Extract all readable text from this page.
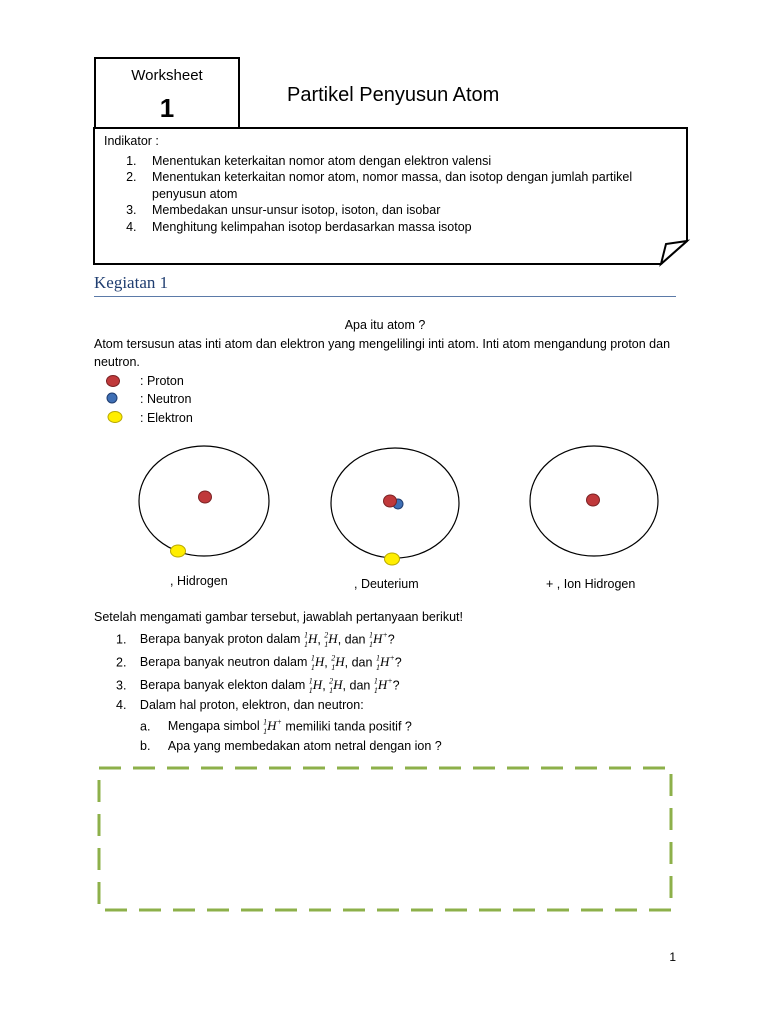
Worksheet
1	Partikel Penyusun Atom
Indikator :
1. Menentukan keterkaitan nomor atom dengan elektron valensi
2. Menentukan keterkaitan nomor atom, nomor massa, dan isotop dengan jumlah partikel penyusun atom
3. Membedakan unsur-unsur isotop, isoton, dan isobar
4. Menghitung kelimpahan isotop berdasarkan massa isotop
Kegiatan 1
Apa itu atom ?
Atom tersusun atas inti atom dan elektron yang mengelilingi inti atom. Inti atom mengandung proton dan neutron.
: Proton
: Neutron
: Elektron
, Hidrogen	, Deuterium	+ , Ion Hidrogen
Setelah mengamati gambar tersebut, jawablah pertanyaan berikut!
1. Berapa banyak proton dalam $^1_1$H, $^2_1$H, dan $^1_1$H+?
2. Berapa banyak neutron dalam $^1_1$H, $^2_1$H, dan $^1_1$H+?
3. Berapa banyak elekton dalam $^1_1$H, $^2_1$H, dan $^1_1$H+?
4. Dalam hal proton, elektron, dan neutron:
a. Mengapa simbol $^1_1$H+ memiliki tanda positif ?
b. Apa yang membedakan atom netral dengan ion ?
1
